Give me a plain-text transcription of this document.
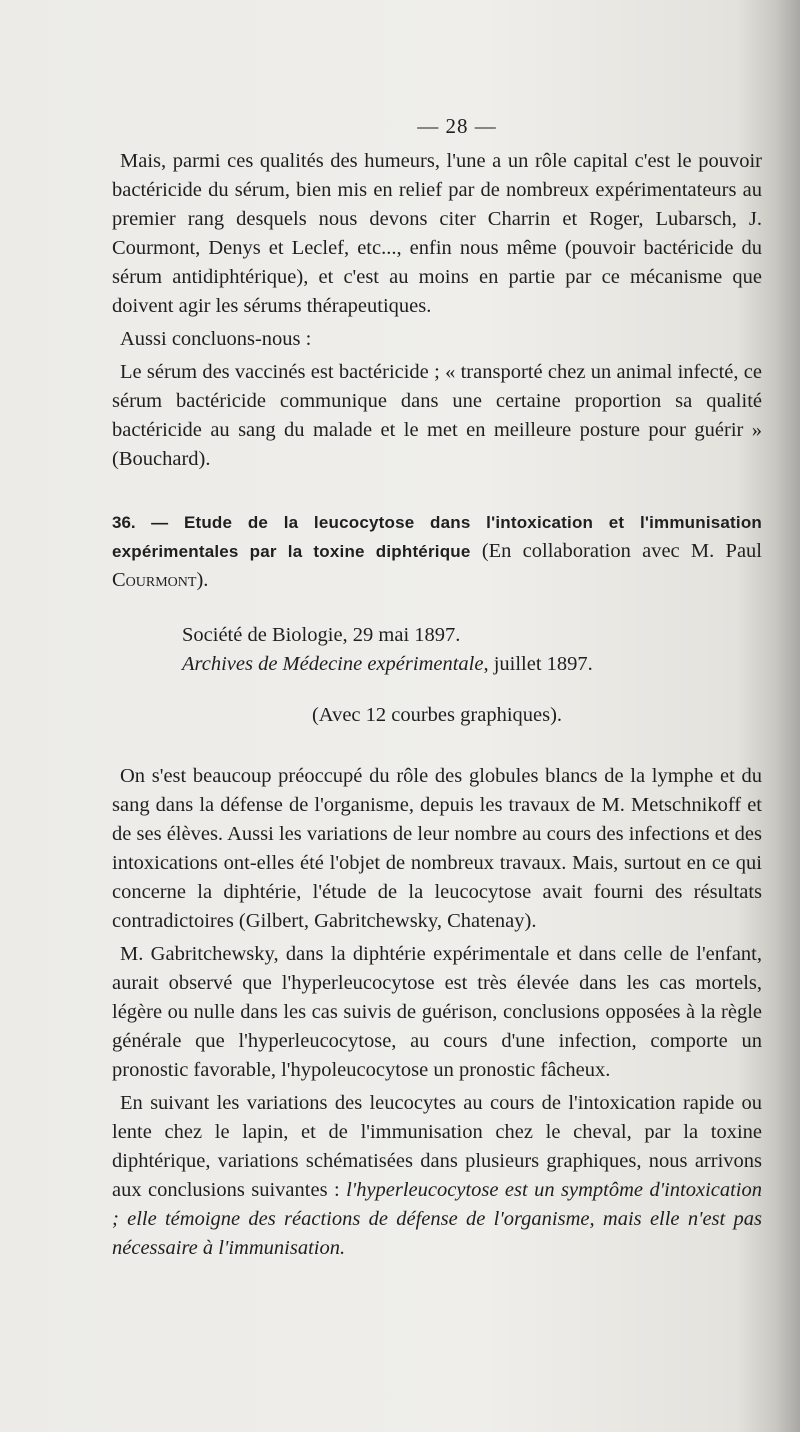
— 28 —

Mais, parmi ces qualités des humeurs, l'une a un rôle capital c'est le pouvoir bactéricide du sérum, bien mis en relief par de nombreux expérimentateurs au premier rang desquels nous devons citer Charrin et Roger, Lubarsch, J. Courmont, Denys et Leclef, etc..., enfin nous même (pouvoir bactéricide du sérum antidiphtérique), et c'est au moins en partie par ce mécanisme que doivent agir les sérums thérapeutiques.

Aussi concluons-nous :

Le sérum des vaccinés est bactéricide ; « transporté chez un animal infecté, ce sérum bactéricide communique dans une certaine proportion sa qualité bactéricide au sang du malade et le met en meilleure posture pour guérir » (Bouchard).

36. — Etude de la leucocytose dans l'intoxication et l'immunisation expérimentales par la toxine diphtérique (En collaboration avec M. Paul Courmont).
Société de Biologie, 29 mai 1897.
Archives de Médecine expérimentale, juillet 1897.
(Avec 12 courbes graphiques).

On s'est beaucoup préoccupé du rôle des globules blancs de la lymphe et du sang dans la défense de l'organisme, depuis les travaux de M. Metschnikoff et de ses élèves. Aussi les variations de leur nombre au cours des infections et des intoxications ont-elles été l'objet de nombreux travaux. Mais, surtout en ce qui concerne la diphtérie, l'étude de la leucocytose avait fourni des résultats contradictoires (Gilbert, Gabritchewsky, Chatenay).

M. Gabritchewsky, dans la diphtérie expérimentale et dans celle de l'enfant, aurait observé que l'hyperleucocytose est très élevée dans les cas mortels, légère ou nulle dans les cas suivis de guérison, conclusions opposées à la règle générale que l'hyperleucocytose, au cours d'une infection, comporte un pronostic favorable, l'hypoleucocytose un pronostic fâcheux.

En suivant les variations des leucocytes au cours de l'intoxication rapide ou lente chez le lapin, et de l'immunisation chez le cheval, par la toxine diphtérique, variations schématisées dans plusieurs graphiques, nous arrivons aux conclusions suivantes : l'hyperleucocytose est un symptôme d'intoxication ; elle témoigne des réactions de défense de l'organisme, mais elle n'est pas nécessaire à l'immunisation.
